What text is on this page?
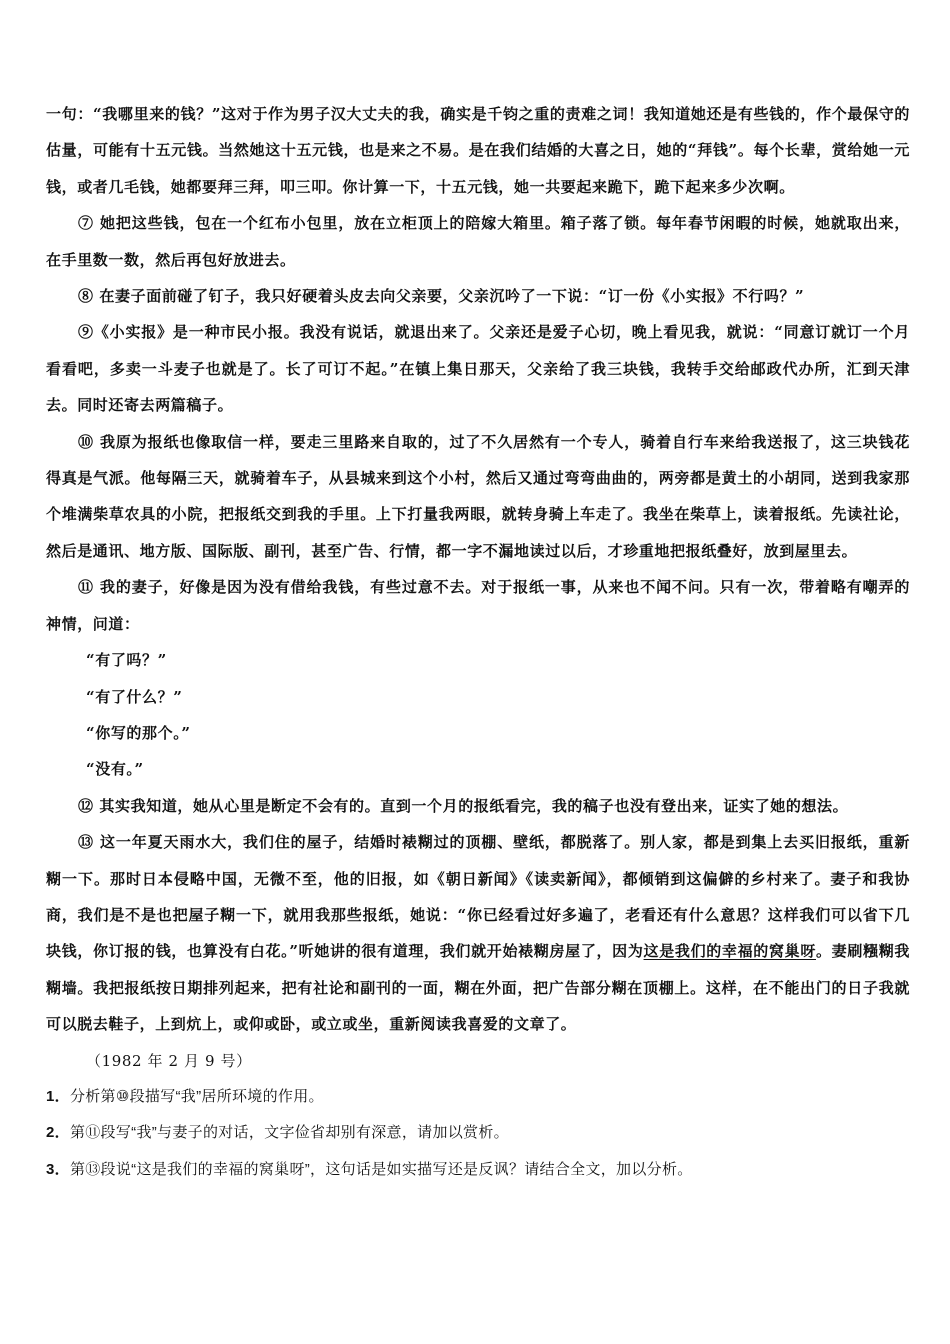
一句：“我哪里来的钱？”这对于作为男子汉大丈夫的我，确实是千钧之重的责难之词！我知道她还是有些钱的，作个最保守的估量，可能有十五元钱。当然她这十五元钱，也是来之不易。是在我们结婚的大喜之日，她的“拜钱”。每个长辈，赏给她一元钱，或者几毛钱，她都要拜三拜，叩三叩。你计算一下，十五元钱，她一共要起来跪下，跪下起来多少次啊。

⑦ 她把这些钱，包在一个红布小包里，放在立柜顶上的陪嫁大箱里。箱子落了锁。每年春节闲暇的时候，她就取出来，在手里数一数，然后再包好放进去。

⑧ 在妻子面前碰了钉子，我只好硬着头皮去向父亲要，父亲沉吟了一下说：“订一份《小实报》不行吗？”

⑨《小实报》是一种市民小报。我没有说话，就退出来了。父亲还是爱子心切，晚上看见我，就说：“同意订就订一个月看看吧，多卖一斗麦子也就是了。长了可订不起。”在镇上集日那天，父亲给了我三块钱，我转手交给邮政代办所，汇到天津去。同时还寄去两篇稿子。

⑩ 我原为报纸也像取信一样，要走三里路来自取的，过了不久居然有一个专人，骑着自行车来给我送报了，这三块钱花得真是气派。他每隔三天，就骑着车子，从县城来到这个小村，然后又通过弯弯曲曲的，两旁都是黄土的小胡同，送到我家那个堆满柴草农具的小院，把报纸交到我的手里。上下打量我两眼，就转身骑上车走了。我坐在柴草上，读着报纸。先读社论，然后是通讯、地方版、国际版、副刊，甚至广告、行情，都一字不漏地读过以后，才珍重地把报纸叠好，放到屋里去。

⑪ 我的妻子，好像是因为没有借给我钱，有些过意不去。对于报纸一事，从来也不闻不问。只有一次，带着略有嘲弄的神情，问道：

“有了吗？”

“有了什么？”

“你写的那个。”

“没有。”

⑫ 其实我知道，她从心里是断定不会有的。直到一个月的报纸看完，我的稿子也没有登出来，证实了她的想法。

⑬ 这一年夏天雨水大，我们住的屋子，结婚时裱糊过的顶棚、壁纸，都脱落了。别人家，都是到集上去买旧报纸，重新糊一下。那时日本侵略中国，无微不至，他的旧报，如《朝日新闻》《读卖新闻》，都倾销到这偏僻的乡村来了。妻子和我协商，我们是不是也把屋子糊一下，就用我那些报纸，她说：“你已经看过好多遍了，老看还有什么意思？这样我们可以省下几块钱，你订报的钱，也算没有白花。”听她讲的很有道理，我们就开始裱糊房屋了，因为这是我们的幸福的窝巢呀。妻刷糨糊我糊墙。我把报纸按日期排列起来，把有社论和副刊的一面，糊在外面，把广告部分糊在顶棚上。这样，在不能出门的日子我就可以脱去鞋子，上到炕上，或仰或卧，或立或坐，重新阅读我喜爱的文章了。

（1982 年 2 月 9 号）

1．分析第⑩段描写“我”居所环境的作用。

2．第⑪段写“我”与妻子的对话，文字俭省却别有深意，请加以赏析。

3．第⑬段说“这是我们的幸福的窝巢呀”，这句话是如实描写还是反讽？请结合全文，加以分析。
